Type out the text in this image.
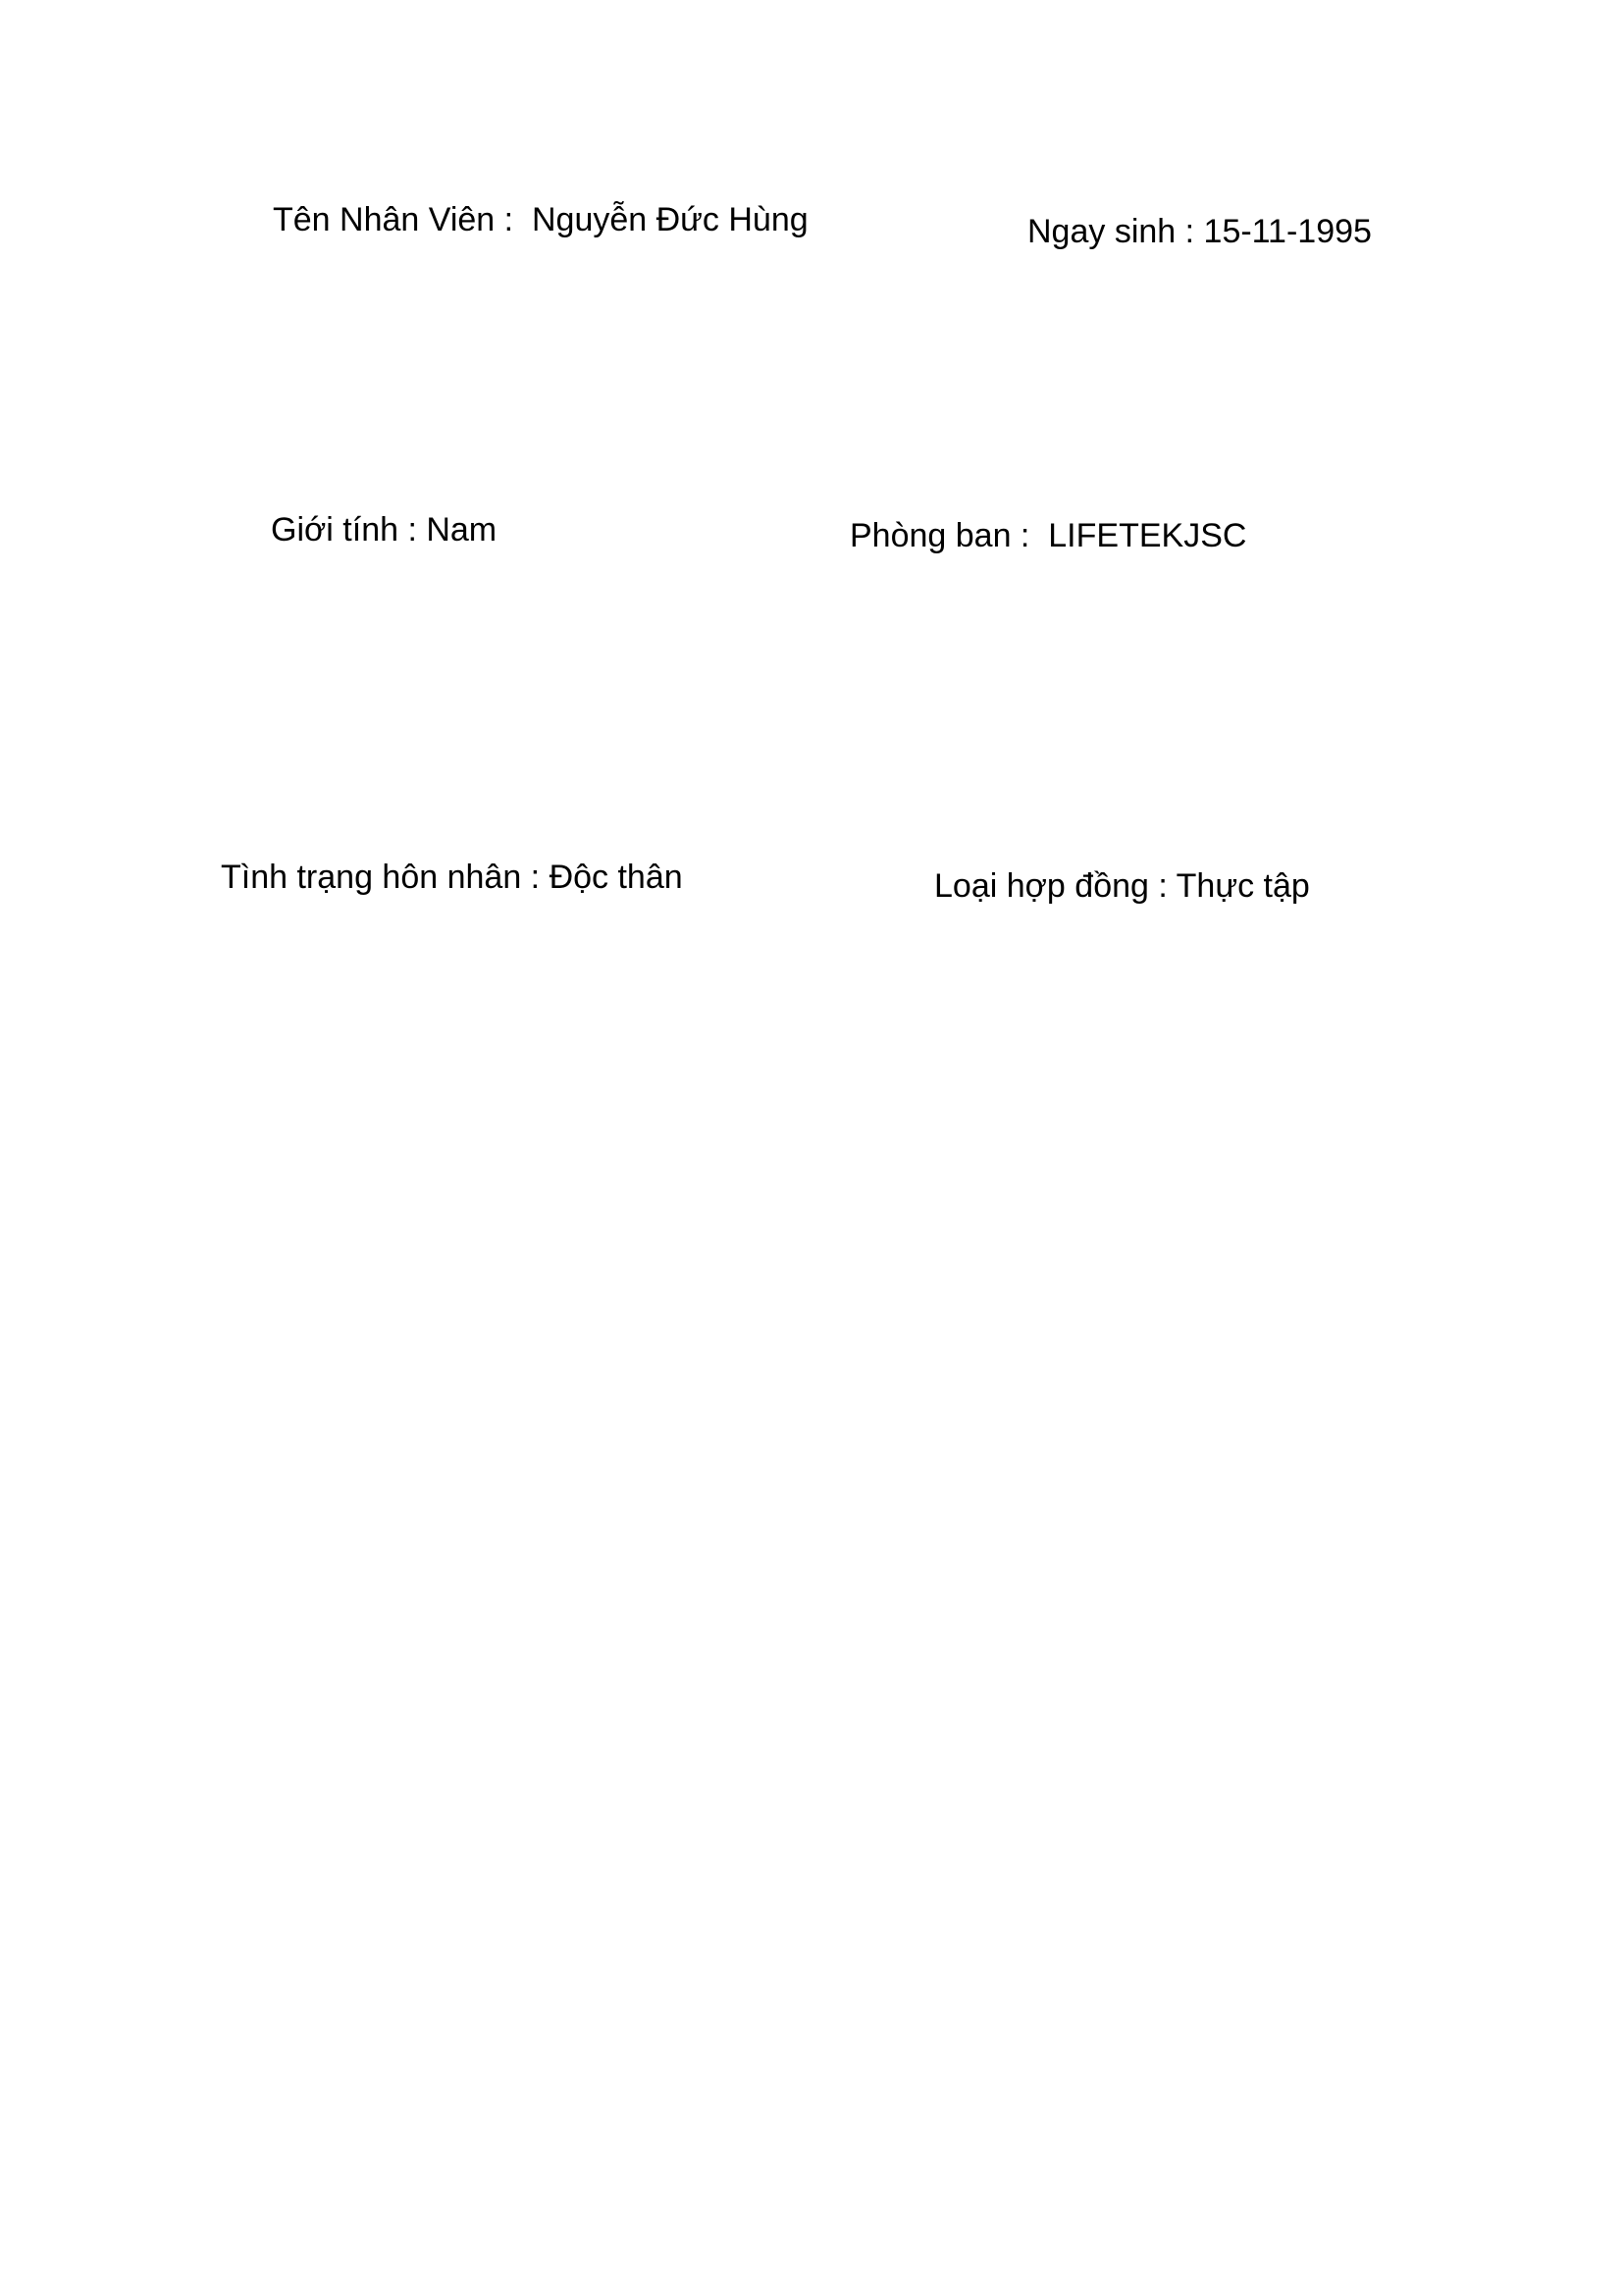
Tên Nhân Viên :  Nguyễn Đức Hùng	Ngay sinh : 15-11-1995

Giới tính : Nam	Phòng ban :  LIFETEKJSC

Tình trạng hôn nhân : Độc thân	Loại hợp đồng : Thực tập
